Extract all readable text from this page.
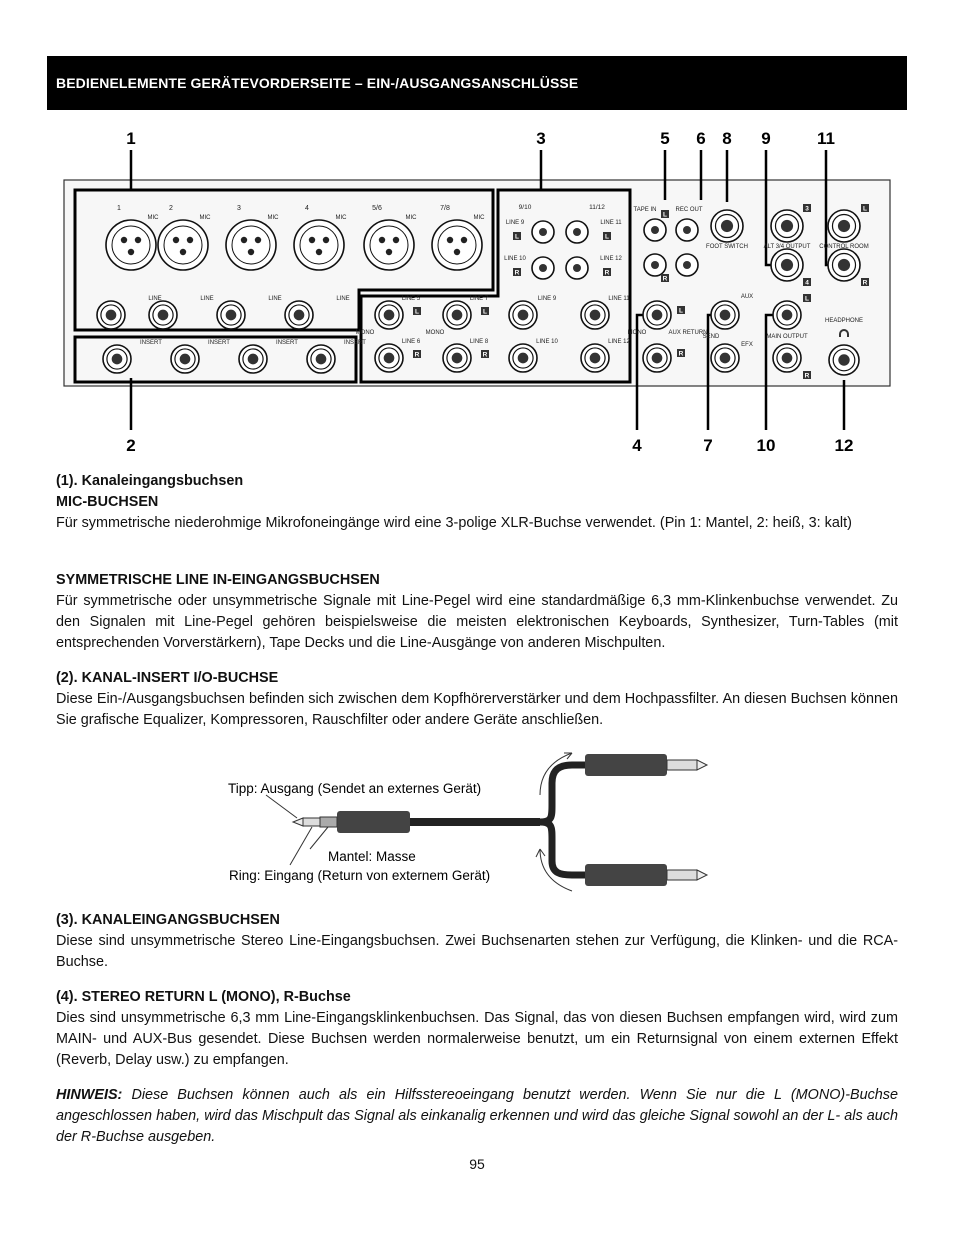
BEDIENELEMENTE GERÄTEVORDERSEITE – EIN-/AUSGANGSANSCHLÜSSE
1	3	5 6 8 9	11
2	4	7	10	12
1
MIC
2
MIC
3
MIC
4
MIC
5/6
MIC
7/8
MIC
LINE	LINE	LINE	LINE
INSERT	INSERT	INSERT	INSERT
LINE 5
L
LINE 6
R
LINE 7
L
LINE 8
R
MONO	MONO
9/10	11/12
LINE 9
L
LINE 10
R
LINE 11
L
LINE 12
R
LINE 9
LINE 10
LINE 11
LINE 12
L
R
MONO	AUX RETURN
TAPE IN	REC OUT
L
R
FOOT SWITCH
AUX
EFX
SEND
3
4
ALT 3/4 OUTPUT
L
R
MAIN OUTPUT
L
R
CONTROL ROOM
HEADPHONE

(1). Kanaleingangsbuchsen

MIC-BUCHSEN

Für symmetrische niederohmige Mikrofoneingänge wird eine 3-polige XLR-Buchse verwendet. (Pin 1: Mantel, 2: heiß, 3: kalt)

SYMMETRISCHE LINE IN-EINGANGSBUCHSEN

Für symmetrische oder unsymmetrische Signale mit Line-Pegel wird eine standardmäßige 6,3 mm-Klinkenbuchse verwendet. Zu den Signalen mit Line-Pegel gehören beispielsweise die meisten elektronischen Keyboards, Synthesizer, Turn-Tables (mit entsprechenden Vorverstärkern), Tape Decks und die Line-Ausgänge von anderen Mischpulten.

(2). KANAL-INSERT I/O-BUCHSE

Diese Ein-/Ausgangsbuchsen befinden sich zwischen dem Kopfhörerverstärker und dem Hochpassfilter. An diesen Buchsen können Sie grafische Equalizer, Kompressoren, Rauschfilter oder andere Geräte anschließen.

Tipp: Ausgang (Sendet an externes Gerät)
Mantel: Masse
Ring: Eingang (Return von externem Gerät)

(3). KANALEINGANGSBUCHSEN

Diese sind unsymmetrische Stereo Line-Eingangsbuchsen. Zwei Buchsenarten stehen zur Verfügung, die Klinken- und die RCA-Buchse.

(4). STEREO RETURN L (MONO), R-Buchse

Dies sind unsymmetrische 6,3 mm Line-Eingangsklinkenbuchsen. Das Signal, das von diesen Buchsen empfangen wird, wird zum MAIN- und AUX-Bus gesendet. Diese Buchsen werden normalerweise benutzt, um ein Returnsignal von einem externen Effekt (Reverb, Delay usw.) zu empfangen.

HINWEIS: Diese Buchsen können auch als ein Hilfsstereoeingang benutzt werden. Wenn Sie nur die L (MONO)-Buchse angeschlossen haben, wird das Mischpult das Signal als einkanalig erkennen und wird das gleiche Signal sowohl an der L- als auch der R-Buchse ausgeben.

95
